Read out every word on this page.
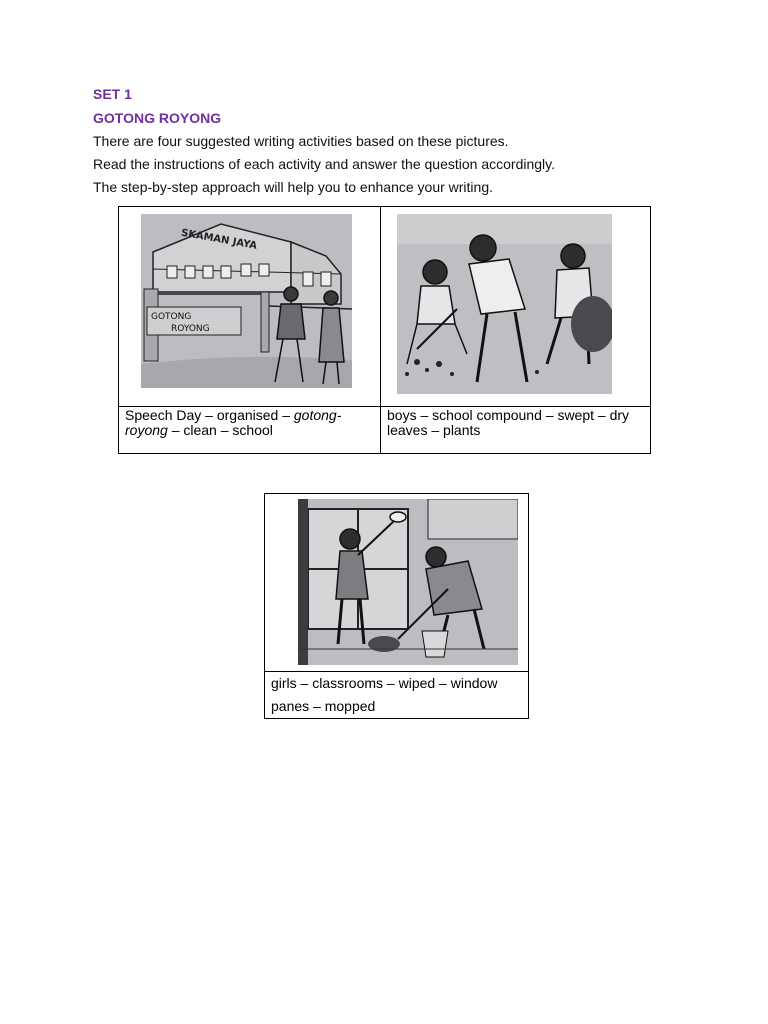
SET 1
GOTONG ROYONG
There are four suggested writing activities based on these pictures.
Read the instructions of each activity and answer the question accordingly.
The step-by-step approach will help you to enhance your writing.
SKAMAN JAYA
GOTONG
ROYONG

Speech Day – organised – gotong-
royong – clean – school	boys – school compound – swept – dry leaves – plants

girls – classrooms – wiped – window
panes – mopped
